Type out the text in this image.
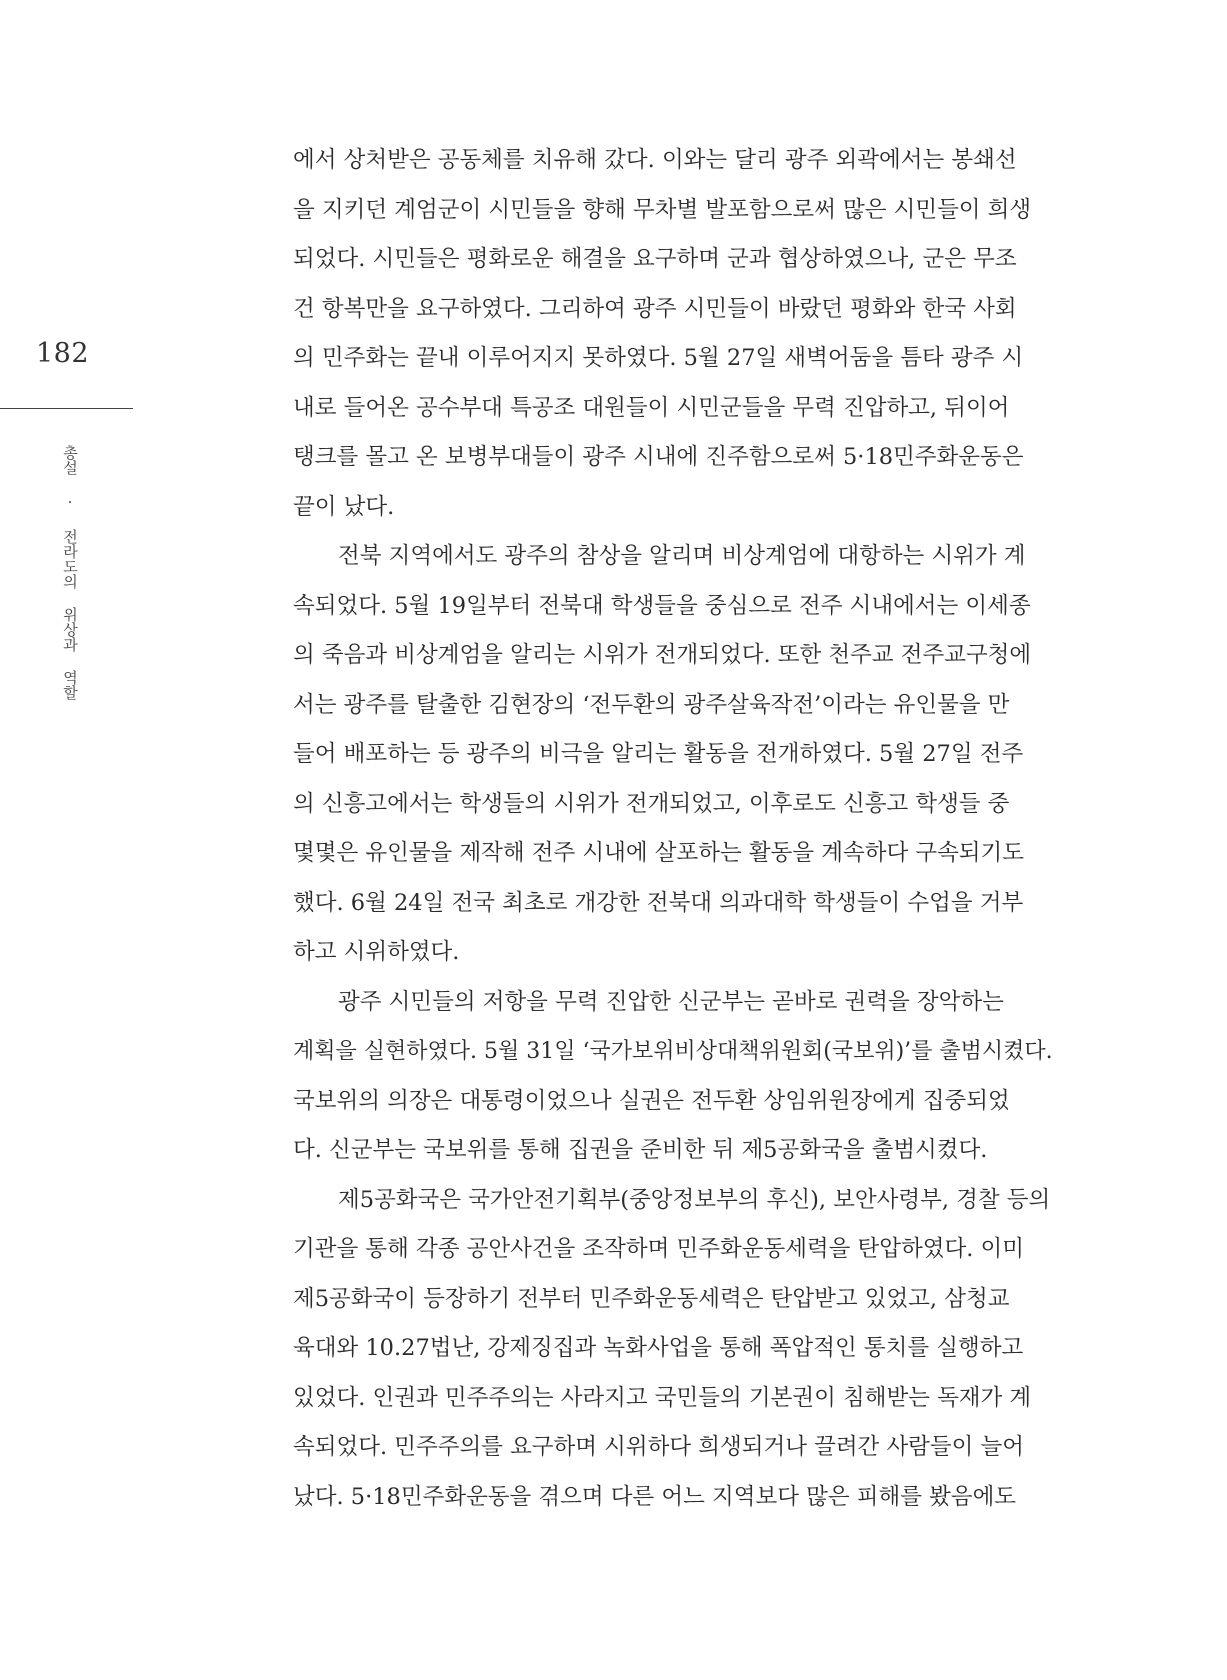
182
총설 · 전라도의 위상과 역할
에서 상처받은 공동체를 치유해 갔다. 이와는 달리 광주 외곽에서는 봉쇄선
을 지키던 계엄군이 시민들을 향해 무차별 발포함으로써 많은 시민들이 희생
되었다. 시민들은 평화로운 해결을 요구하며 군과 협상하였으나, 군은 무조
건 항복만을 요구하였다. 그리하여 광주 시민들이 바랐던 평화와 한국 사회
의 민주화는 끝내 이루어지지 못하였다. 5월 27일 새벽어둠을 틈타 광주 시
내로 들어온 공수부대 특공조 대원들이 시민군들을 무력 진압하고, 뒤이어
탱크를 몰고 온 보병부대들이 광주 시내에 진주함으로써 5·18민주화운동은
끝이 났다.
전북 지역에서도 광주의 참상을 알리며 비상계엄에 대항하는 시위가 계
속되었다. 5월 19일부터 전북대 학생들을 중심으로 전주 시내에서는 이세종
의 죽음과 비상계엄을 알리는 시위가 전개되었다. 또한 천주교 전주교구청에
서는 광주를 탈출한 김현장의 ‘전두환의 광주살육작전’이라는 유인물을 만
들어 배포하는 등 광주의 비극을 알리는 활동을 전개하였다. 5월 27일 전주
의 신흥고에서는 학생들의 시위가 전개되었고, 이후로도 신흥고 학생들 중
몇몇은 유인물을 제작해 전주 시내에 살포하는 활동을 계속하다 구속되기도
했다. 6월 24일 전국 최초로 개강한 전북대 의과대학 학생들이 수업을 거부
하고 시위하였다.
광주 시민들의 저항을 무력 진압한 신군부는 곧바로 권력을 장악하는
계획을 실현하였다. 5월 31일 ‘국가보위비상대책위원회(국보위)’를 출범시켰다.
국보위의 의장은 대통령이었으나 실권은 전두환 상임위원장에게 집중되었
다. 신군부는 국보위를 통해 집권을 준비한 뒤 제5공화국을 출범시켰다.
제5공화국은 국가안전기획부(중앙정보부의 후신), 보안사령부, 경찰 등의
기관을 통해 각종 공안사건을 조작하며 민주화운동세력을 탄압하였다. 이미
제5공화국이 등장하기 전부터 민주화운동세력은 탄압받고 있었고, 삼청교
육대와 10.27법난, 강제징집과 녹화사업을 통해 폭압적인 통치를 실행하고
있었다. 인권과 민주주의는 사라지고 국민들의 기본권이 침해받는 독재가 계
속되었다. 민주주의를 요구하며 시위하다 희생되거나 끌려간 사람들이 늘어
났다. 5·18민주화운동을 겪으며 다른 어느 지역보다 많은 피해를 봤음에도
